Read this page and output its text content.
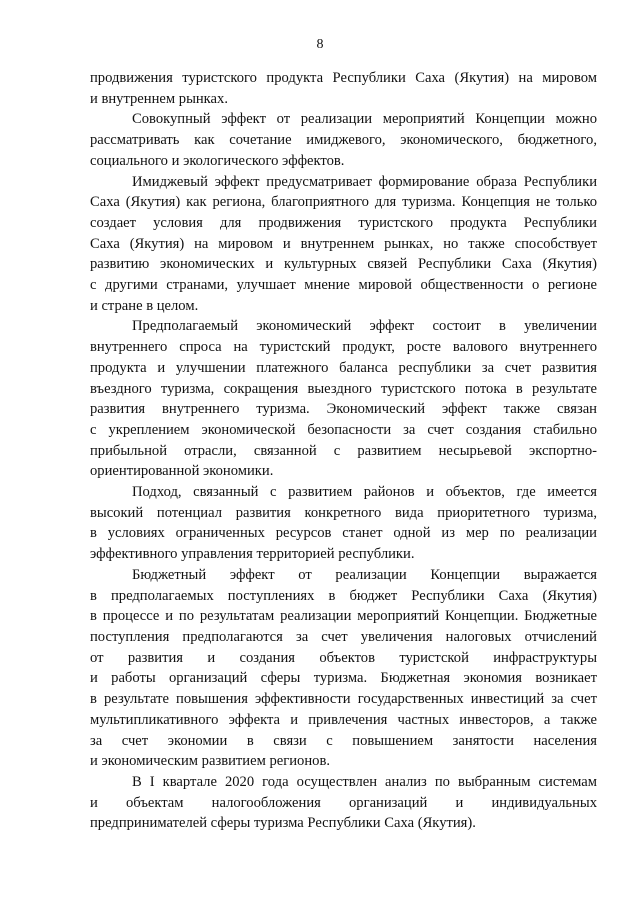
8
продвижения туристского продукта Республики Саха (Якутия) на мировом
и внутреннем рынках.
Совокупный эффект от реализации мероприятий Концепции можно
рассматривать как сочетание имиджевого, экономического, бюджетного,
социального и экологического эффектов.
Имиджевый эффект предусматривает формирование образа Республики
Саха (Якутия) как региона, благоприятного для туризма. Концепция не только
создает условия для продвижения туристского продукта Республики
Саха (Якутия) на мировом и внутреннем рынках, но также способствует
развитию экономических и культурных связей Республики Саха (Якутия)
с другими странами, улучшает мнение мировой общественности о регионе
и стране в целом.
Предполагаемый экономический эффект состоит в увеличении
внутреннего спроса на туристский продукт, росте валового внутреннего
продукта и улучшении платежного баланса республики за счет развития
въездного туризма, сокращения выездного туристского потока в результате
развития внутреннего туризма. Экономический эффект также связан
с укреплением экономической безопасности за счет создания стабильно
прибыльной отрасли, связанной с развитием несырьевой экспортно-
ориентированной экономики.
Подход, связанный с развитием районов и объектов, где имеется
высокий потенциал развития конкретного вида приоритетного туризма,
в условиях ограниченных ресурсов станет одной из мер по реализации
эффективного управления территорией республики.
Бюджетный эффект от реализации Концепции выражается
в предполагаемых поступлениях в бюджет Республики Саха (Якутия)
в процессе и по результатам реализации мероприятий Концепции. Бюджетные
поступления предполагаются за счет увеличения налоговых отчислений
от развития и создания объектов туристской инфраструктуры
и работы организаций сферы туризма. Бюджетная экономия возникает
в результате повышения эффективности государственных инвестиций за счет
мультипликативного эффекта и привлечения частных инвесторов, а также
за счет экономии в связи с повышением занятости населения
и экономическим развитием регионов.
В I квартале 2020 года осуществлен анализ по выбранным системам
и объектам налогообложения организаций и индивидуальных
предпринимателей сферы туризма Республики Саха (Якутия).
